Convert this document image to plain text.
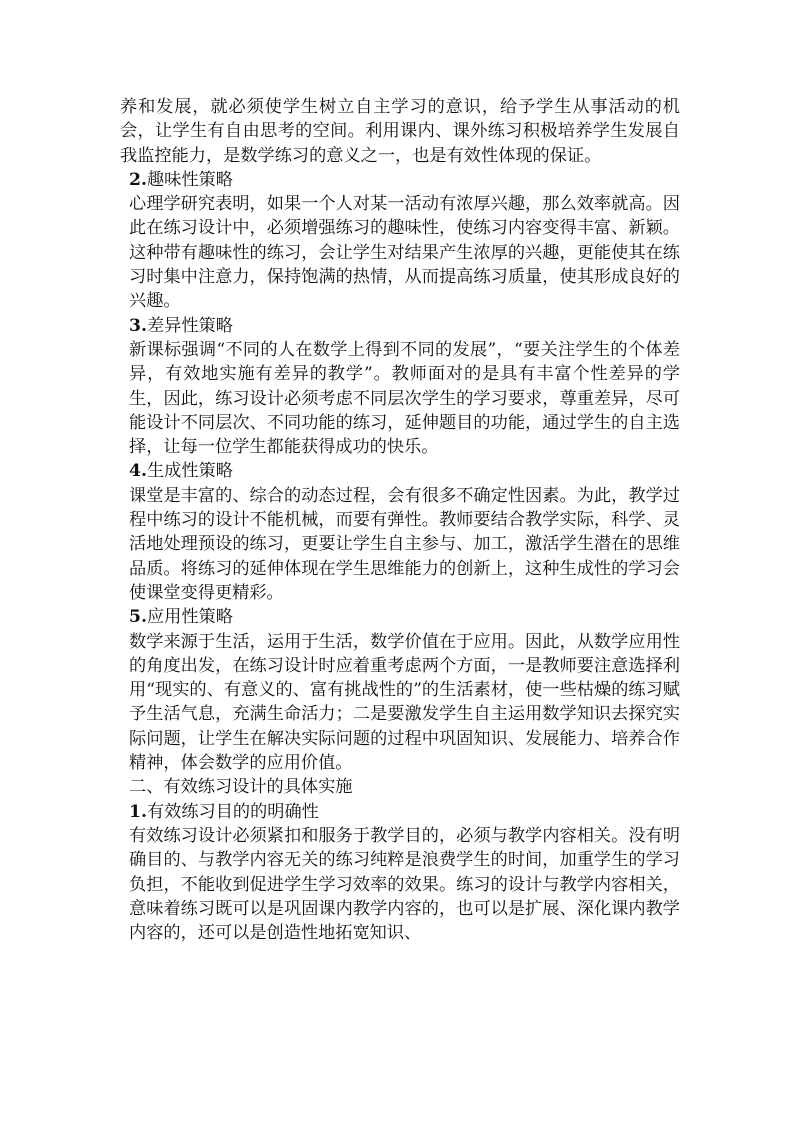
养和发展，就必须使学生树立自主学习的意识，给予学生从事活动的机会，让学生有自由思考的空间。利用课内、课外练习积极培养学生发展自我监控能力，是数学练习的意义之一，也是有效性体现的保证。

2.趣味性策略

心理学研究表明，如果一个人对某一活动有浓厚兴趣，那么效率就高。因此在练习设计中，必须增强练习的趣味性，使练习内容变得丰富、新颖。这种带有趣味性的练习，会让学生对结果产生浓厚的兴趣，更能使其在练习时集中注意力，保持饱满的热情，从而提高练习质量，使其形成良好的兴趣。

3.差异性策略

新课标强调“不同的人在数学上得到不同的发展”，“要关注学生的个体差异，有效地实施有差异的教学”。教师面对的是具有丰富个性差异的学生，因此，练习设计必须考虑不同层次学生的学习要求，尊重差异，尽可能设计不同层次、不同功能的练习，延伸题目的功能，通过学生的自主选择，让每一位学生都能获得成功的快乐。

4.生成性策略

课堂是丰富的、综合的动态过程，会有很多不确定性因素。为此，教学过程中练习的设计不能机械，而要有弹性。教师要结合教学实际，科学、灵活地处理预设的练习，更要让学生自主参与、加工，激活学生潜在的思维品质。将练习的延伸体现在学生思维能力的创新上，这种生成性的学习会使课堂变得更精彩。

5.应用性策略

数学来源于生活，运用于生活，数学价值在于应用。因此，从数学应用性的角度出发，在练习设计时应着重考虑两个方面，一是教师要注意选择利用“现实的、有意义的、富有挑战性的”的生活素材，使一些枯燥的练习赋予生活气息，充满生命活力；二是要激发学生自主运用数学知识去探究实际问题，让学生在解决实际问题的过程中巩固知识、发展能力、培养合作精神，体会数学的应用价值。

二、有效练习设计的具体实施

1.有效练习目的的明确性

有效练习设计必须紧扣和服务于教学目的，必须与教学内容相关。没有明确目的、与教学内容无关的练习纯粹是浪费学生的时间，加重学生的学习负担，不能收到促进学生学习效率的效果。练习的设计与教学内容相关，意味着练习既可以是巩固课内教学内容的，也可以是扩展、深化课内教学内容的，还可以是创造性地拓宽知识、
